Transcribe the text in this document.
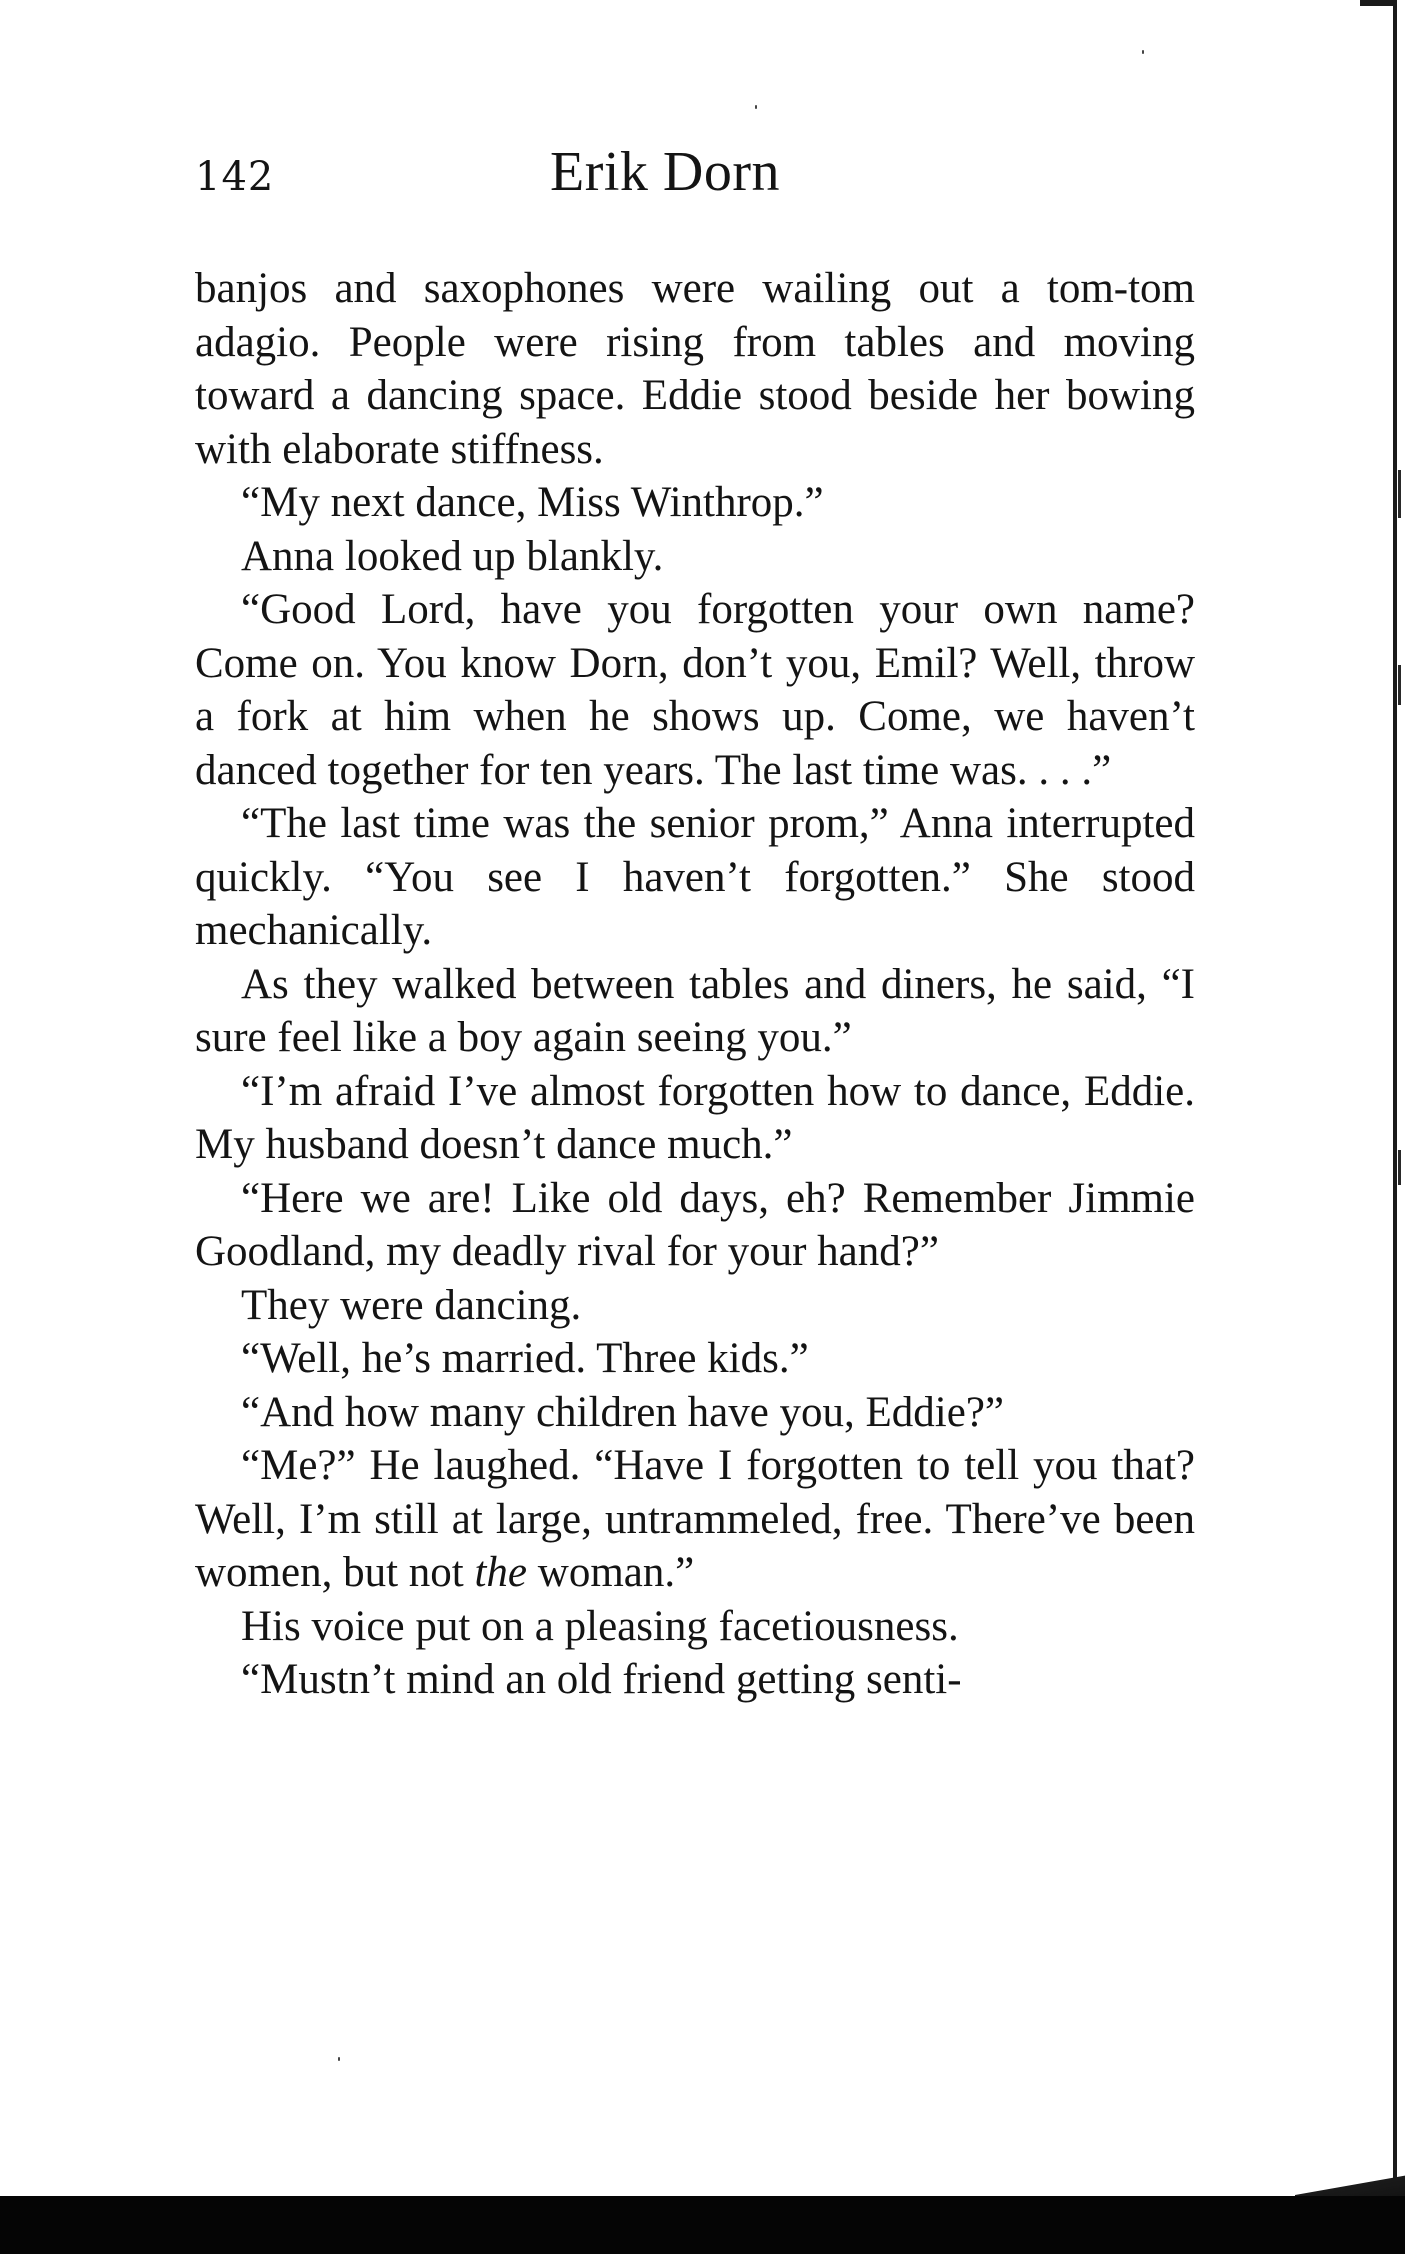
142	Erik Dorn

banjos and saxophones were wailing out a tom-tom adagio. People were rising from tables and moving toward a dancing space. Eddie stood beside her bowing with elaborate stiffness.

“My next dance, Miss Winthrop.”

Anna looked up blankly.

“Good Lord, have you forgotten your own name? Come on. You know Dorn, don’t you, Emil? Well, throw a fork at him when he shows up. Come, we haven’t danced together for ten years. The last time was. . . .”

“The last time was the senior prom,” Anna interrupted quickly. “You see I haven’t forgotten.” She stood mechanically.

As they walked between tables and diners, he said, “I sure feel like a boy again seeing you.”

“I’m afraid I’ve almost forgotten how to dance, Eddie. My husband doesn’t dance much.”

“Here we are! Like old days, eh? Remember Jimmie Goodland, my deadly rival for your hand?”

They were dancing.

“Well, he’s married. Three kids.”

“And how many children have you, Eddie?”

“Me?” He laughed. “Have I forgotten to tell you that? Well, I’m still at large, untrammeled, free. There’ve been women, but not the woman.”

His voice put on a pleasing facetiousness.

“Mustn’t mind an old friend getting senti-
